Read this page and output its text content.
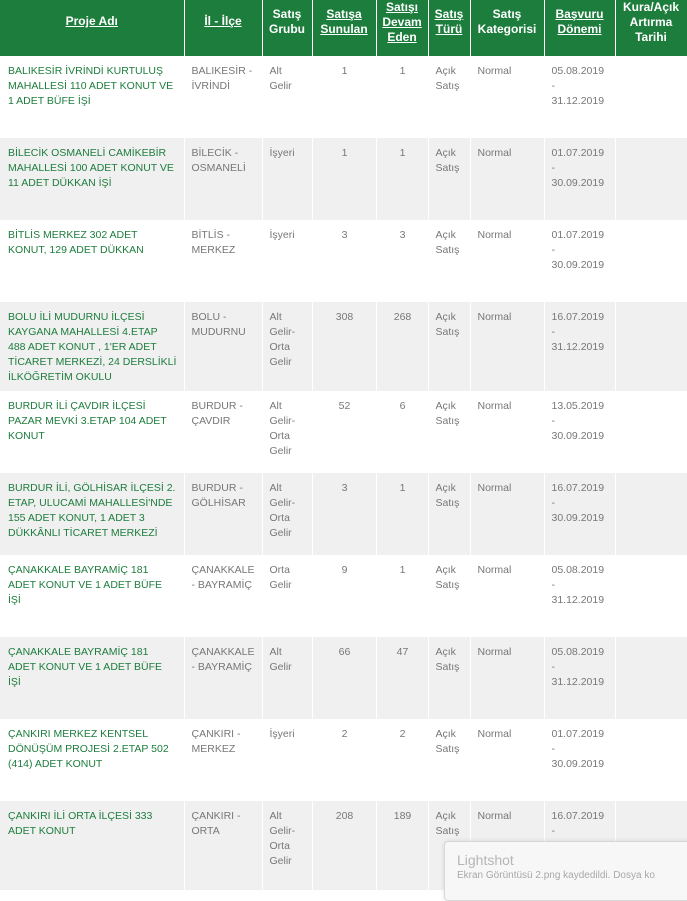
Proje Adı	İl - İlçe	Satış Grubu	Satışa Sunulan	Satışı Devam Eden	Satış Türü	Satış Kategorisi	Başvuru Dönemi	Kura/Açık Artırma Tarihi
BALIKESİR İVRİNDİ KURTULUŞ MAHALLESİ 110 ADET KONUT VE 1 ADET BÜFE İŞİ	BALIKESİR - İVRİNDİ	Alt Gelir	1	1	Açık Satış	Normal	05.08.2019 - 31.12.2019	
BİLECİK OSMANELİ CAMİKEBİR MAHALLESİ 100 ADET KONUT VE 11 ADET DÜKKAN İŞİ	BİLECİK - OSMANELİ	İşyeri	1	1	Açık Satış	Normal	01.07.2019 - 30.09.2019	
BİTLİS MERKEZ 302 ADET KONUT, 129 ADET DÜKKAN	BİTLİS - MERKEZ	İşyeri	3	3	Açık Satış	Normal	01.07.2019 - 30.09.2019	
BOLU İLİ MUDURNU İLÇESİ KAYGANA MAHALLESİ 4.ETAP 488 ADET KONUT , 1'ER ADET TİCARET MERKEZİ, 24 DERSLİKLİ İLKÖĞRETİM OKULU	BOLU - MUDURNU	Alt Gelir-Orta Gelir	308	268	Açık Satış	Normal	16.07.2019 - 31.12.2019	
BURDUR İLİ ÇAVDIR İLÇESİ PAZAR MEVKİ 3.ETAP 104 ADET KONUT	BURDUR - ÇAVDIR	Alt Gelir-Orta Gelir	52	6	Açık Satış	Normal	13.05.2019 - 30.09.2019	
BURDUR İLİ, GÖLHİSAR İLÇESİ 2. ETAP, ULUCAMİ MAHALLESİ'NDE 155 ADET KONUT, 1 ADET 3 DÜKKÂNLI TİCARET MERKEZİ	BURDUR - GÖLHİSAR	Alt Gelir-Orta Gelir	3	1	Açık Satış	Normal	16.07.2019 - 30.09.2019	
ÇANAKKALE BAYRAMİÇ 181 ADET KONUT VE 1 ADET BÜFE İŞİ	ÇANAKKALE - BAYRAMİÇ	Orta Gelir	9	1	Açık Satış	Normal	05.08.2019 - 31.12.2019	
ÇANAKKALE BAYRAMİÇ 181 ADET KONUT VE 1 ADET BÜFE İŞİ	ÇANAKKALE - BAYRAMİÇ	Alt Gelir	66	47	Açık Satış	Normal	05.08.2019 - 31.12.2019	
ÇANKIRI MERKEZ KENTSEL DÖNÜŞÜM PROJESİ 2.ETAP 502 (414) ADET KONUT	ÇANKIRI - MERKEZ	İşyeri	2	2	Açık Satış	Normal	01.07.2019 - 30.09.2019	
ÇANKIRI İLİ ORTA İLÇESİ 333 ADET KONUT	ÇANKIRI - ORTA	Alt Gelir-Orta Gelir	208	189	Açık Satış	Normal	16.07.2019 -	
Lightshot
Ekran Görüntüsü 2.png kaydedildi. Dosya ko
